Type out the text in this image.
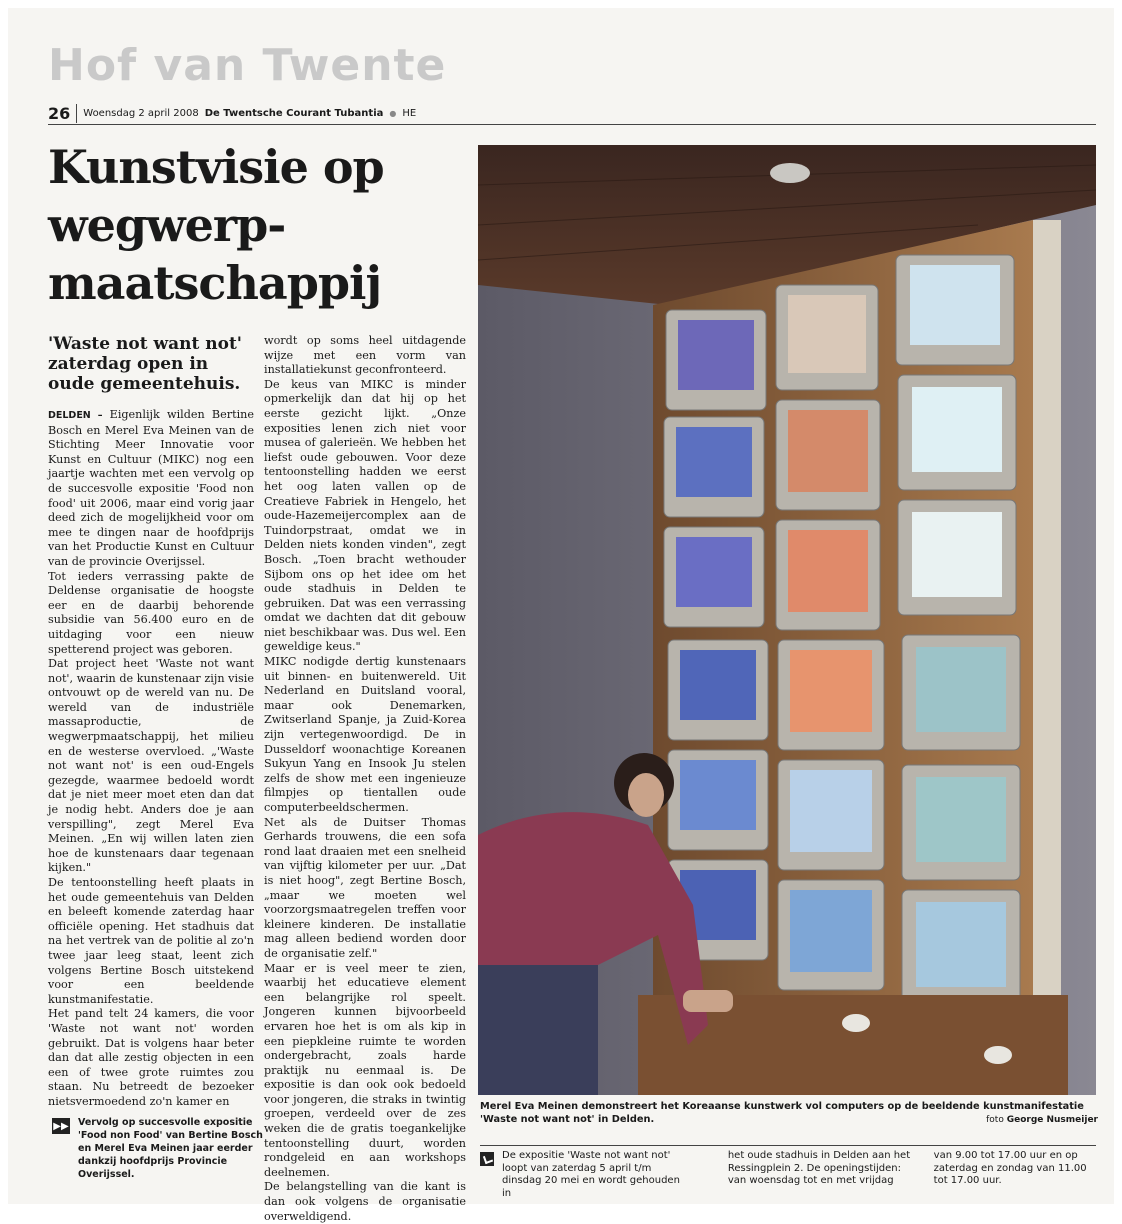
Hof van Twente
26	Woensdag 2 april 2008 De Twentsche Courant Tubantia ● HE
Kunstvisie op wegwerp-maatschappij

'Waste not want not' zaterdag open in oude gemeentehuis.

DELDEN – Eigenlijk wilden Bertine Bosch en Merel Eva Meinen van de Stichting Meer Innovatie voor Kunst en Cultuur (MIKC) nog een jaartje wachten met een vervolg op de succesvolle expositie 'Food non food' uit 2006, maar eind vorig jaar deed zich de mogelijkheid voor om mee te dingen naar de hoofdprijs van het Productie Kunst en Cultuur van de provincie Overijssel.

Tot ieders verrassing pakte de Deldense organisatie de hoogste eer en de daarbij behorende subsidie van 56.400 euro en de uitdaging voor een nieuw spetterend project was geboren.

Dat project heet 'Waste not want not', waarin de kunstenaar zijn visie ontvouwt op de wereld van nu. De wereld van de industriële massaproductie, de wegwerpmaatschappij, het milieu en de westerse overvloed. „'Waste not want not' is een oud-Engels gezegde, waarmee bedoeld wordt dat je niet meer moet eten dan dat je nodig hebt. Anders doe je aan verspilling", zegt Merel Eva Meinen. „En wij willen laten zien hoe de kunstenaars daar tegenaan kijken."

De tentoonstelling heeft plaats in het oude gemeentehuis van Delden en beleeft komende zaterdag haar officiële opening. Het stadhuis dat na het vertrek van de politie al zo'n twee jaar leeg staat, leent zich volgens Bertine Bosch uitstekend voor een beeldende kunstmanifestatie.

Het pand telt 24 kamers, die voor 'Waste not want not' worden gebruikt. Dat is volgens haar beter dan dat alle zestig objecten in een een of twee grote ruimtes zou staan. Nu betreedt de bezoeker nietsvermoedend zo'n kamer en

wordt op soms heel uitdagende wijze met een vorm van installatiekunst geconfronteerd.

De keus van MIKC is minder opmerkelijk dan dat hij op het eerste gezicht lijkt. „Onze exposities lenen zich niet voor musea of galerieën. We hebben het liefst oude gebouwen. Voor deze tentoonstelling hadden we eerst het oog laten vallen op de Creatieve Fabriek in Hengelo, het oude-Hazemeijercomplex aan de Tuindorpstraat, omdat we in Delden niets konden vinden", zegt Bosch. „Toen bracht wethouder Sijbom ons op het idee om het oude stadhuis in Delden te gebruiken. Dat was een verrassing omdat we dachten dat dit gebouw niet beschikbaar was. Dus wel. Een geweldige keus."

MIKC nodigde dertig kunstenaars uit binnen- en buitenwereld. Uit Nederland en Duitsland vooral, maar ook Denemarken, Zwitserland Spanje, ja Zuid-Korea zijn vertegenwoordigd. De in Dusseldorf woonachtige Koreanen Sukyun Yang en Insook Ju stelen zelfs de show met een ingenieuze filmpjes op tientallen oude computerbeeldschermen.

Net als de Duitser Thomas Gerhards trouwens, die een sofa rond laat draaien met een snelheid van vijftig kilometer per uur. „Dat is niet hoog", zegt Bertine Bosch, „maar we moeten wel voorzorgsmaatregelen treffen voor kleinere kinderen. De installatie mag alleen bediend worden door de organisatie zelf."

Maar er is veel meer te zien, waarbij het educatieve element een belangrijke rol speelt. Jongeren kunnen bijvoorbeeld ervaren hoe het is om als kip in een piepkleine ruimte te worden ondergebracht, zoals harde praktijk nu eenmaal is. De expositie is dan ook ook bedoeld voor jongeren, die straks in twintig groepen, verdeeld over de zes weken die de gratis toegankelijke tentoonstelling duurt, worden rondgeleid en aan workshops deelnemen.

De belangstelling van die kant is dan ook volgens de organisatie overweldigend.

▶▶ Vervolg op succesvolle expositie 'Food non Food' van Bertine Bosch en Merel Eva Meinen jaar eerder dankzij hoofdprijs Provincie Overijssel.
Merel Eva Meinen demonstreert het Koreaanse kunstwerk vol computers op de beeldende kunstmanifestatie 'Waste not want not' in Delden.	foto George Nusmeijer
De expositie 'Waste not want not' loopt van zaterdag 5 april t/m dinsdag 20 mei en wordt gehouden in
het oude stadhuis in Delden aan het Ressingplein 2. De openingstijden: van woensdag tot en met vrijdag
van 9.00 tot 17.00 uur en op zaterdag en zondag van 11.00 tot 17.00 uur.
